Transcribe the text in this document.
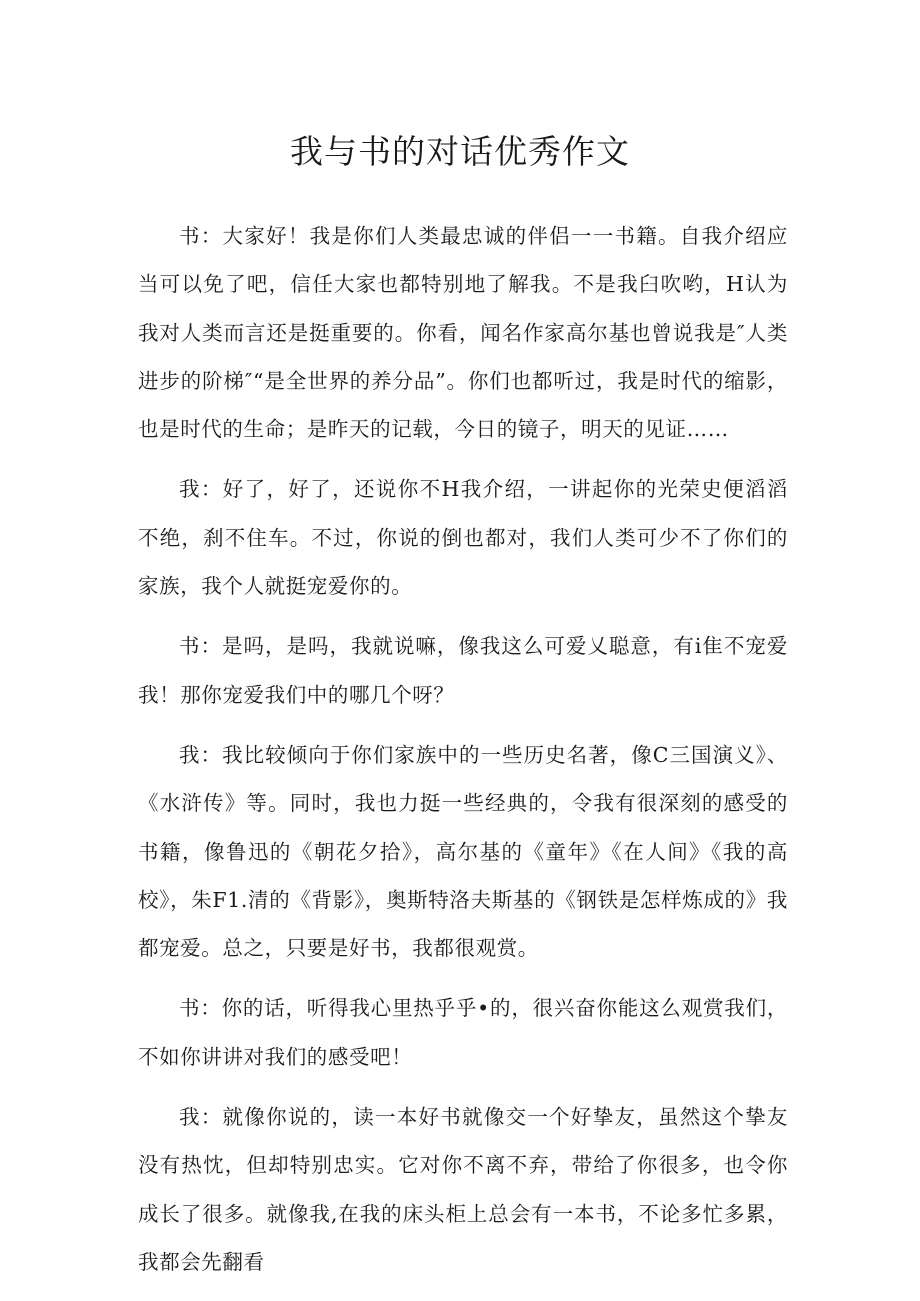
我与书的对话优秀作文

书：大家好！我是你们人类最忠诚的伴侣一一书籍。自我介绍应当可以免了吧，信任大家也都特别地了解我。不是我臼吹哟，H认为我对人类而言还是挺重要的。你看，闻名作家高尔基也曾说我是″人类进步的阶梯″“是全世界的养分品”。你们也都听过，我是时代的缩影，也是时代的生命；是昨天的记载，今日的镜子，明天的见证……

我：好了，好了，还说你不H我介绍，一讲起你的光荣史便滔滔不绝，刹不住车。不过，你说的倒也都对，我们人类可少不了你们的家族，我个人就挺宠爱你的。

书：是吗，是吗，我就说嘛，像我这么可爱乂聪意，有i隹不宠爱我！那你宠爱我们中的哪几个呀？

我：我比较倾向于你们家族中的一些历史名著，像C三国演义》、《水浒传》等。同时，我也力挺一些经典的，令我有很深刻的感受的书籍，像鲁迅的《朝花夕拾》，高尔基的《童年》《在人间》《我的高校》，朱F1.清的《背影》，奥斯特洛夫斯基的《钢铁是怎样炼成的》我都宠爱。总之，只要是好书，我都很观赏。

书：你的话，听得我心里热乎乎•的，很兴奋你能这么观赏我们，不如你讲讲对我们的感受吧！

我：就像你说的，读一本好书就像交一个好挚友，虽然这个挚友没有热忱，但却特别忠实。它对你不离不弃，带给了你很多，也令你成长了很多。就像我,在我的床头柜上总会有一本书，不论多忙多累，我都会先翻看
